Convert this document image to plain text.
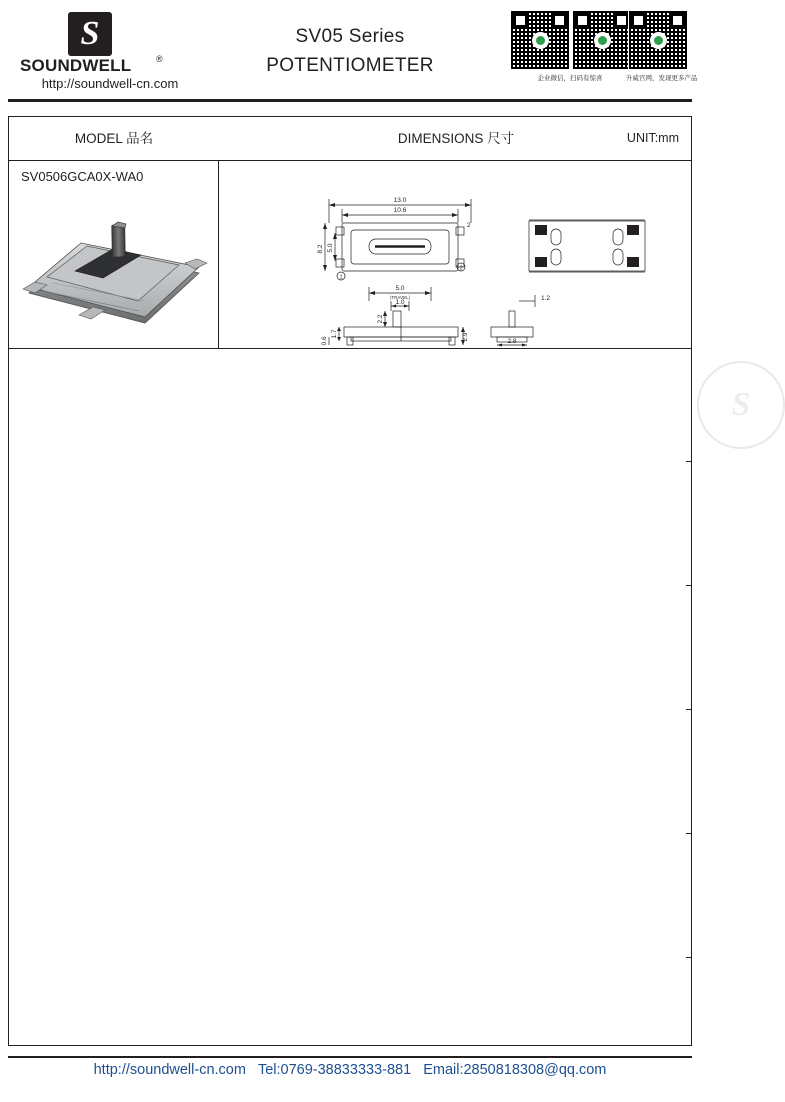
S
SOUNDWELL	®
http://soundwell-cn.com
SV05 Series
POTENTIOMETER
企业微信，扫码有惊喜	升威官网，发现更多产品
MODEL 品名	DIMENSIONS 尺寸	UNIT:mm
SV0506GCA0X-WA0
S
13.0
10.6
8.2 5.0
1
2
2
5.0
(TRAVEL)
1.0
2.2
1.7
0.6	2.9
1.2
2.8
http://soundwell-cn.com Tel:0769-38833333-881 Email:2850818308@qq.com
